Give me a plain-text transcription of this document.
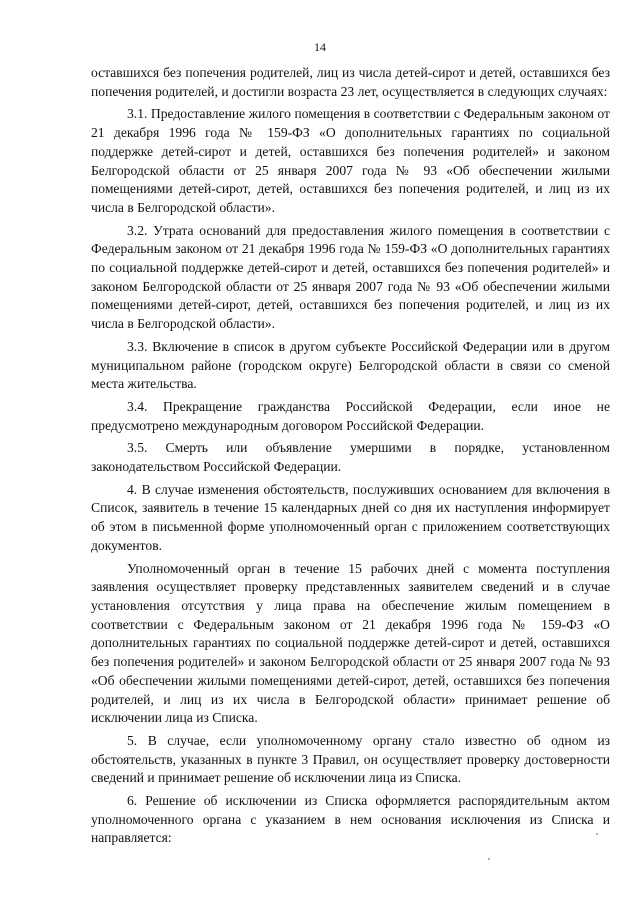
14

оставшихся без попечения родителей, лиц из числа детей-сирот и детей, оставшихся без попечения родителей, и достигли возраста 23 лет, осуществляется в следующих случаях:

3.1. Предоставление жилого помещения в соответствии с Федеральным законом от 21 декабря 1996 года № 159-ФЗ «О дополнительных гарантиях по социальной поддержке детей-сирот и детей, оставшихся без попечения родителей» и законом Белгородской области от 25 января 2007 года № 93 «Об обеспечении жилыми помещениями детей-сирот, детей, оставшихся без попечения родителей, и лиц из их числа в Белгородской области».

3.2. Утрата оснований для предоставления жилого помещения в соответствии с Федеральным законом от 21 декабря 1996 года № 159-ФЗ «О дополнительных гарантиях по социальной поддержке детей-сирот и детей, оставшихся без попечения родителей» и законом Белгородской области от 25 января 2007 года № 93 «Об обеспечении жилыми помещениями детей-сирот, детей, оставшихся без попечения родителей, и лиц из их числа в Белгородской области».

3.3. Включение в список в другом субъекте Российской Федерации или в другом муниципальном районе (городском округе) Белгородской области в связи со сменой места жительства.

3.4. Прекращение гражданства Российской Федерации, если иное не предусмотрено международным договором Российской Федерации.

3.5. Смерть или объявление умершими в порядке, установленном законодательством Российской Федерации.

4. В случае изменения обстоятельств, послуживших основанием для включения в Список, заявитель в течение 15 календарных дней со дня их наступления информирует об этом в письменной форме уполномоченный орган с приложением соответствующих документов.

Уполномоченный орган в течение 15 рабочих дней с момента поступления заявления осуществляет проверку представленных заявителем сведений и в случае установления отсутствия у лица права на обеспечение жилым помещением в соответствии с Федеральным законом от 21 декабря 1996 года № 159-ФЗ «О дополнительных гарантиях по социальной поддержке детей-сирот и детей, оставшихся без попечения родителей» и законом Белгородской области от 25 января 2007 года № 93 «Об обеспечении жилыми помещениями детей-сирот, детей, оставшихся без попечения родителей, и лиц из их числа в Белгородской области» принимает решение об исключении лица из Списка.

5. В случае, если уполномоченному органу стало известно об одном из обстоятельств, указанных в пункте 3 Правил, он осуществляет проверку достоверности сведений и принимает решение об исключении лица из Списка.

6. Решение об исключении из Списка оформляется распорядительным актом уполномоченного органа с указанием в нем основания исключения из Списка и направляется:
